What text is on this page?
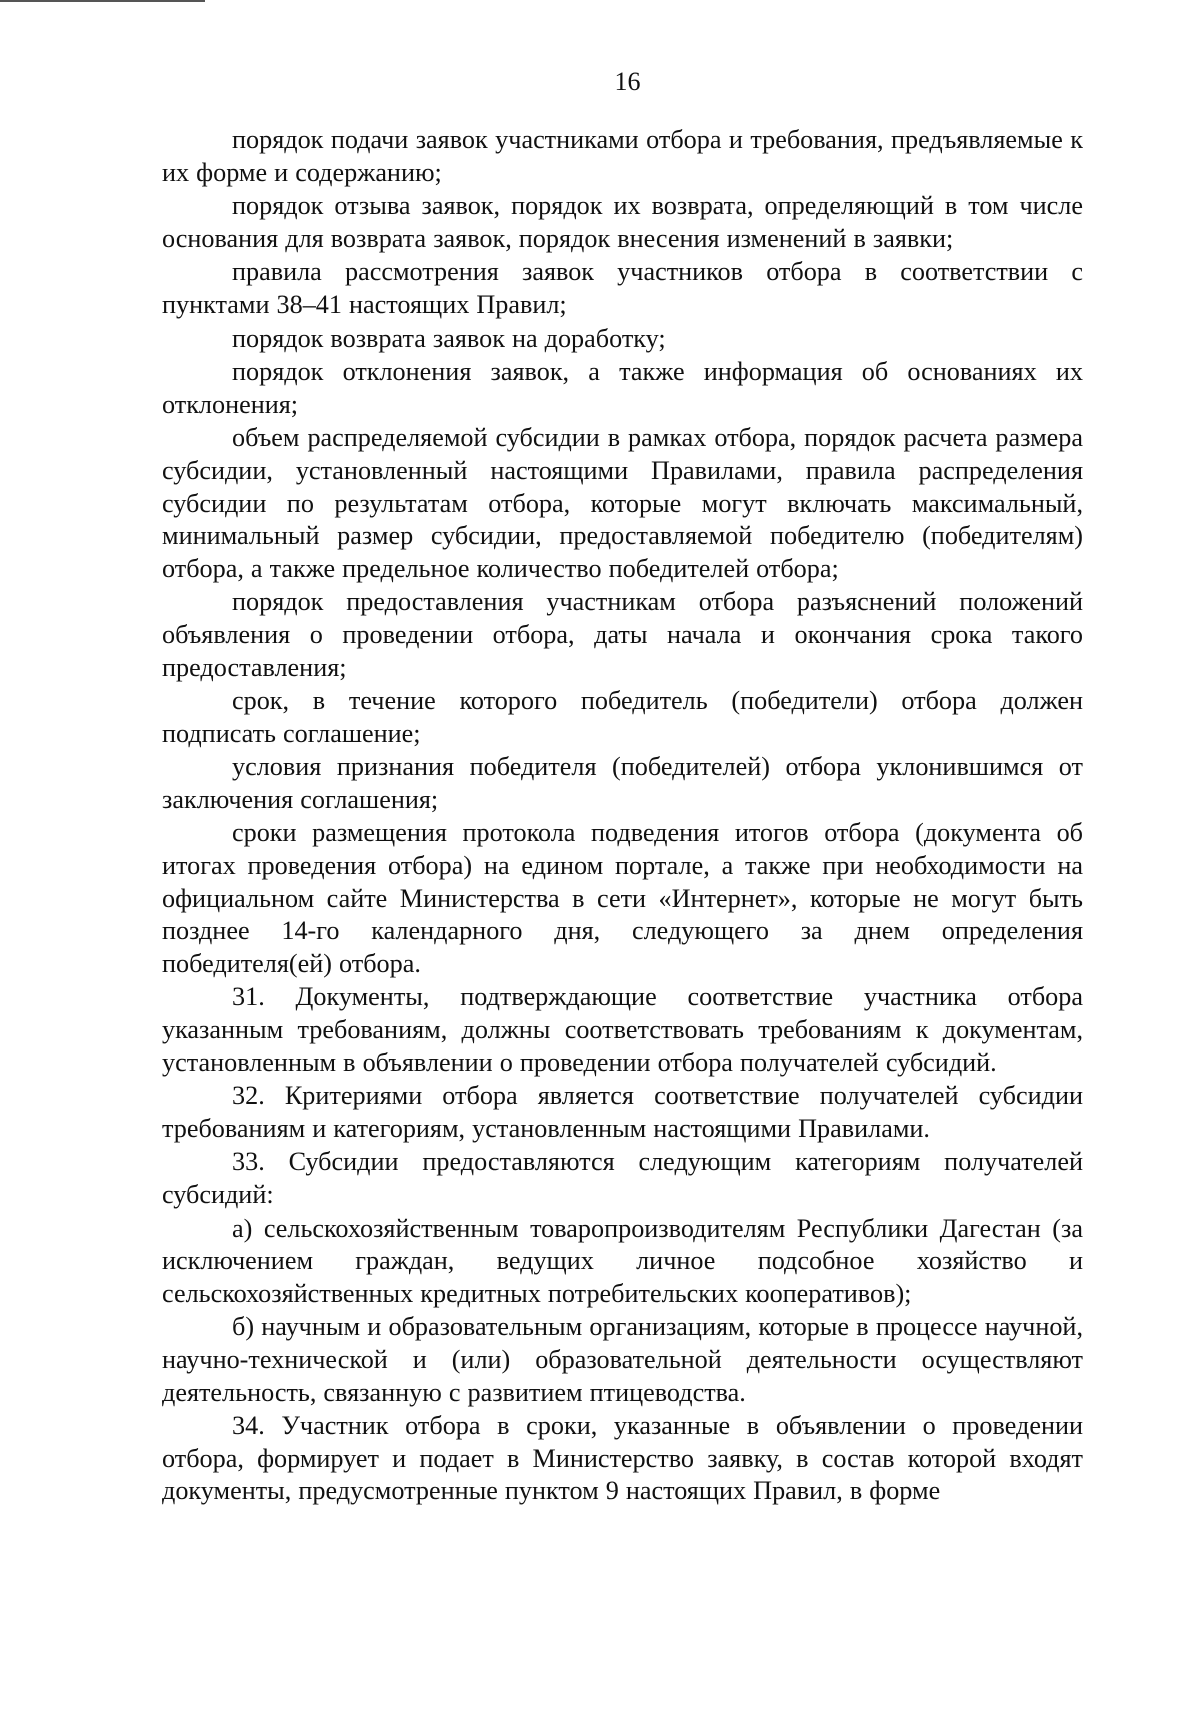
16

порядок подачи заявок участниками отбора и требования, предъявляемые к их форме и содержанию;

порядок отзыва заявок, порядок их возврата, определяющий в том числе основания для возврата заявок, порядок внесения изменений в заявки;

правила рассмотрения заявок участников отбора в соответствии с пунктами 38–41 настоящих Правил;

порядок возврата заявок на доработку;

порядок отклонения заявок, а также информация об основаниях их отклонения;

объем распределяемой субсидии в рамках отбора, порядок расчета размера субсидии, установленный настоящими Правилами, правила распределения субсидии по результатам отбора, которые могут включать максимальный, минимальный размер субсидии, предоставляемой победителю (победителям) отбора, а также предельное количество победителей отбора;

порядок предоставления участникам отбора разъяснений положений объявления о проведении отбора, даты начала и окончания срока такого предоставления;

срок, в течение которого победитель (победители) отбора должен подписать соглашение;

условия признания победителя (победителей) отбора уклонившимся от заключения соглашения;

сроки размещения протокола подведения итогов отбора (документа об итогах проведения отбора) на едином портале, а также при необходимости на официальном сайте Министерства в сети «Интернет», которые не могут быть позднее 14-го календарного дня, следующего за днем определения победителя(ей) отбора.

31. Документы, подтверждающие соответствие участника отбора указанным требованиям, должны соответствовать требованиям к документам, установленным в объявлении о проведении отбора получателей субсидий.

32. Критериями отбора является соответствие получателей субсидии требованиям и категориям, установленным настоящими Правилами.

33. Субсидии предоставляются следующим категориям получателей субсидий:

а) сельскохозяйственным товаропроизводителям Республики Дагестан (за исключением граждан, ведущих личное подсобное хозяйство и сельскохозяйственных кредитных потребительских кооперативов);

б) научным и образовательным организациям, которые в процессе научной, научно-технической и (или) образовательной деятельности осуществляют деятельность, связанную с развитием птицеводства.

34. Участник отбора в сроки, указанные в объявлении о проведении отбора, формирует и подает в Министерство заявку, в состав которой входят документы, предусмотренные пунктом 9 настоящих Правил, в форме
